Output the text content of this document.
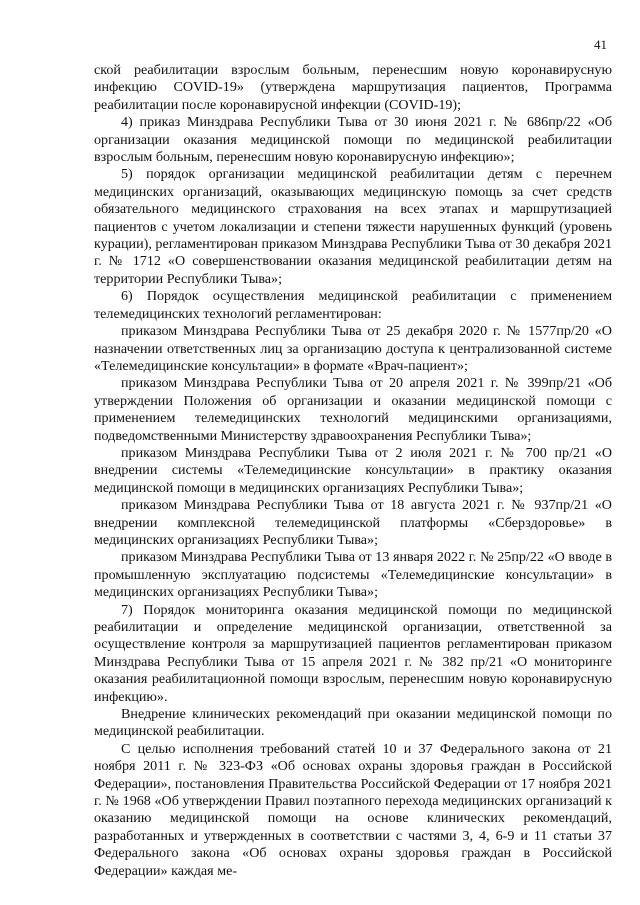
41

ской реабилитации взрослым больным, перенесшим новую коронавирусную инфекцию COVID-19» (утверждена маршрутизация пациентов, Программа реабилитации после коронавирусной инфекции (COVID-19);

4) приказ Минздрава Республики Тыва от 30 июня 2021 г. № 686пр/22 «Об организации оказания медицинской помощи по медицинской реабилитации взрослым больным, перенесшим новую коронавирусную инфекцию»;

5) порядок организации медицинской реабилитации детям с перечнем медицинских организаций, оказывающих медицинскую помощь за счет средств обязательного медицинского страхования на всех этапах и маршрутизацией пациентов с учетом локализации и степени тяжести нарушенных функций (уровень курации), регламентирован приказом Минздрава Республики Тыва от 30 декабря 2021 г. № 1712 «О совершенствовании оказания медицинской реабилитации детям на территории Республики Тыва»;

6) Порядок осуществления медицинской реабилитации с применением телемедицинских технологий регламентирован:

приказом Минздрава Республики Тыва от 25 декабря 2020 г. № 1577пр/20 «О назначении ответственных лиц за организацию доступа к централизованной системе «Телемедицинские консультации» в формате «Врач-пациент»;

приказом Минздрава Республики Тыва от 20 апреля 2021 г. № 399пр/21 «Об утверждении Положения об организации и оказании медицинской помощи с применением телемедицинских технологий медицинскими организациями, подведомственными Министерству здравоохранения Республики Тыва»;

приказом Минздрава Республики Тыва от 2 июля 2021 г. № 700 пр/21 «О внедрении системы «Телемедицинские консультации» в практику оказания медицинской помощи в медицинских организациях Республики Тыва»;

приказом Минздрава Республики Тыва от 18 августа 2021 г. № 937пр/21 «О внедрении комплексной телемедицинской платформы «Сберздоровье» в медицинских организациях Республики Тыва»;

приказом Минздрава Республики Тыва от 13 января 2022 г. № 25пр/22 «О вводе в промышленную эксплуатацию подсистемы «Телемедицинские консультации» в медицинских организациях Республики Тыва»;

7) Порядок мониторинга оказания медицинской помощи по медицинской реабилитации и определение медицинской организации, ответственной за осуществление контроля за маршрутизацией пациентов регламентирован приказом Минздрава Республики Тыва от 15 апреля 2021 г. № 382 пр/21 «О мониторинге оказания реабилитационной помощи взрослым, перенесшим новую коронавирусную инфекцию».

Внедрение клинических рекомендаций при оказании медицинской помощи по медицинской реабилитации.

С целью исполнения требований статей 10 и 37 Федерального закона от 21 ноября 2011 г. № 323-ФЗ «Об основах охраны здоровья граждан в Российской Федерации», постановления Правительства Российской Федерации от 17 ноября 2021 г. № 1968 «Об утверждении Правил поэтапного перехода медицинских организаций к оказанию медицинской помощи на основе клинических рекомендаций, разработанных и утвержденных в соответствии с частями 3, 4, 6-9 и 11 статьи 37 Федерального закона «Об основах охраны здоровья граждан в Российской Федерации» каждая ме-
